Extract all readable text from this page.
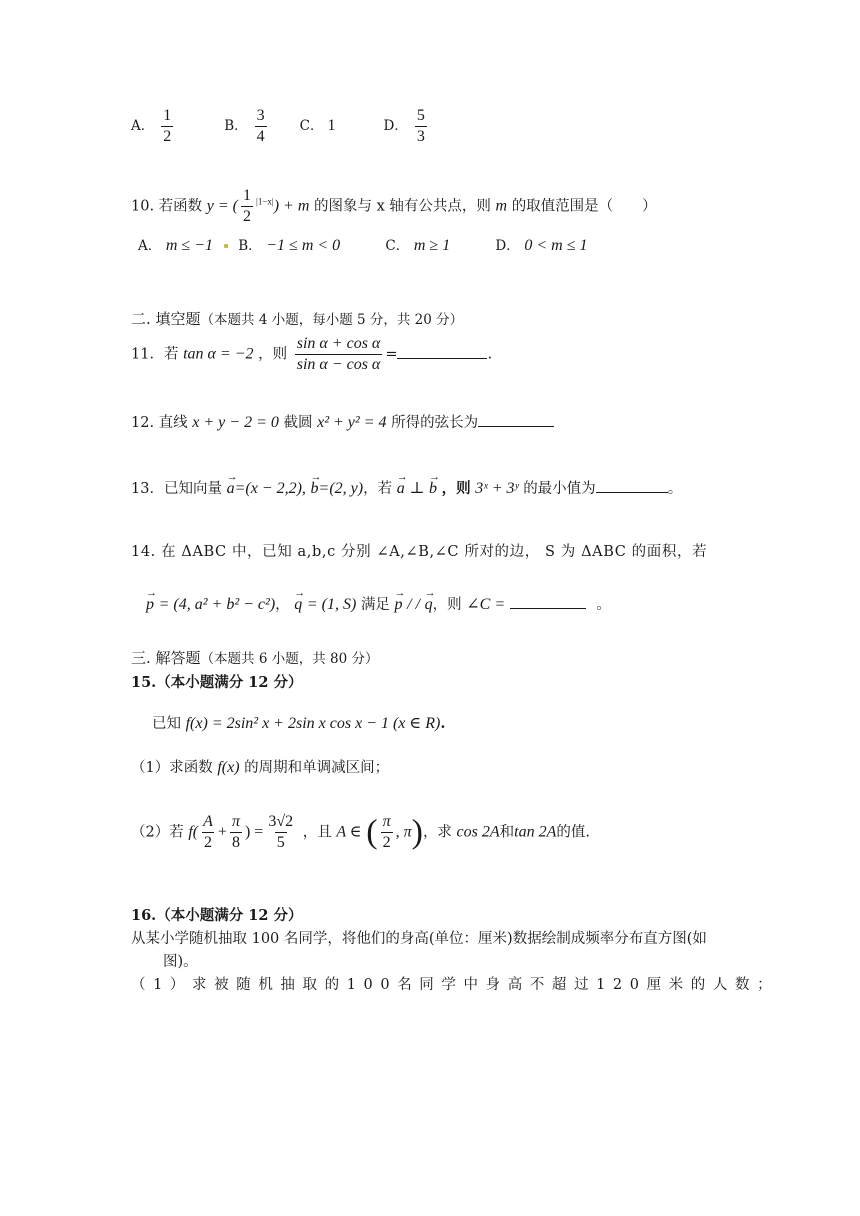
A． $\frac{1}{2}$	B． $\frac{3}{4}$ C． 1	D． $\frac{5}{3}$
10. 若函数 y = ( $\frac{1}{2} ^{|1-x|}) + m$ 的图象与 x 轴有公共点，则 m 的取值范围是（　　）
A． m ≤ −1 B． −1 ≤ m < 0	C． m ≥ 1	D． 0 < m ≤ 1
二. 填空题（本题共 4 小题，每小题 5 分，共 20 分）
11．若 tan α = −2 ，则 $\frac{\text{sin α + cos α}}{\text{sin α − cos α}}$ =	.
12. 直线 x + y − 2 = 0 截圆 x² + y² = 4 所得的弦长为
13．已知向量 → a=(x − 2,2), → b=(2, y)，若 → a ⊥ → b ，则 3ˣ + 3ʸ 的最小值为	。
14. 在 ΔABC 中，已知 a,b,c 分别 ∠A,∠B,∠C 所对的边， S 为 ΔABC 的面积，若
→ p = (4, a² + b² − c²)， → q = (1, S) 满足 → p / / → q，则 ∠C =	。
三. 解答题（本题共 6 小题，共 80 分）
15.（本小题满分 12 分）
已知 f(x) = 2sin² x + 2sin x cos x − 1 (x ∈ R).
（1）求函数 f(x) 的周期和单调减区间；
（2）若 $f( \frac{A}{2} + \frac{\pi}{8}$ ) = $\frac{3√2}{5}$ ，且 A ∈ ( $\frac{\pi}{2}$ , π)，求 cos 2A和tan 2A的值.
16.（本小题满分 12 分）
从某小学随机抽取 100 名同学，将他们的身高(单位：厘米)数据绘制成频率分布直方图(如
图)。
（1）求被随机抽取的100名同学中身高不超过120厘米的人数；
